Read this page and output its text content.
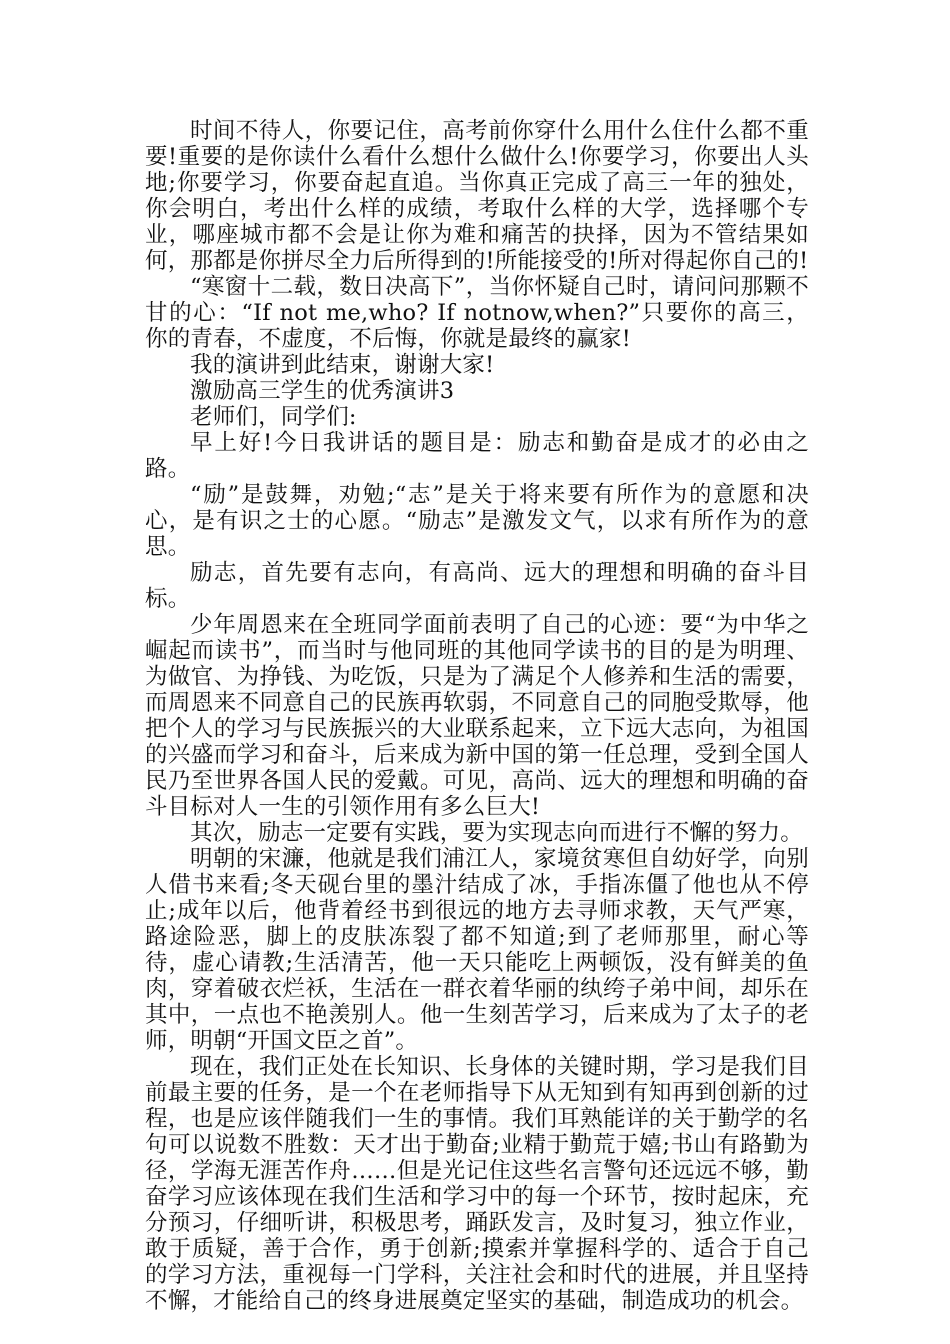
时间不待人，你要记住，高考前你穿什么用什么住什么都不重要!重要的是你读什么看什么想什么做什么!你要学习，你要出人头地;你要学习，你要奋起直追。当你真正完成了高三一年的独处，你会明白，考出什么样的成绩，考取什么样的大学，选择哪个专业，哪座城市都不会是让你为难和痛苦的抉择，因为不管结果如何，那都是你拼尽全力后所得到的!所能接受的!所对得起你自己的!

“寒窗十二载，数日决高下”，当你怀疑自己时，请问问那颗不甘的心：“If not me,who? If notnow,when?”只要你的高三，你的青春，不虚度，不后悔，你就是最终的赢家!

我的演讲到此结束，谢谢大家!

激励高三学生的优秀演讲3

老师们，同学们:

早上好!今日我讲话的题目是：励志和勤奋是成才的必由之路。

“励”是鼓舞，劝勉;“志”是关于将来要有所作为的意愿和决心，是有识之士的心愿。“励志”是激发文气，以求有所作为的意思。

励志，首先要有志向，有高尚、远大的理想和明确的奋斗目标。

少年周恩来在全班同学面前表明了自己的心迹：要“为中华之崛起而读书”，而当时与他同班的其他同学读书的目的是为明理、为做官、为挣钱、为吃饭，只是为了满足个人修养和生活的需要，而周恩来不同意自己的民族再软弱，不同意自己的同胞受欺辱，他把个人的学习与民族振兴的大业联系起来，立下远大志向，为祖国的兴盛而学习和奋斗，后来成为新中国的第一任总理，受到全国人民乃至世界各国人民的爱戴。可见，高尚、远大的理想和明确的奋斗目标对人一生的引领作用有多么巨大!

其次，励志一定要有实践，要为实现志向而进行不懈的努力。

明朝的宋濂，他就是我们浦江人，家境贫寒但自幼好学，向别人借书来看;冬天砚台里的墨汁结成了冰，手指冻僵了他也从不停止;成年以后，他背着经书到很远的地方去寻师求教，天气严寒，路途险恶，脚上的皮肤冻裂了都不知道;到了老师那里，耐心等待，虚心请教;生活清苦，他一天只能吃上两顿饭，没有鲜美的鱼肉，穿着破衣烂袄，生活在一群衣着华丽的纨绔子弟中间，却乐在其中，一点也不艳羡别人。他一生刻苦学习，后来成为了太子的老师，明朝“开国文臣之首”。

现在，我们正处在长知识、长身体的关键时期，学习是我们目前最主要的任务，是一个在老师指导下从无知到有知再到创新的过程，也是应该伴随我们一生的事情。我们耳熟能详的关于勤学的名句可以说数不胜数：天才出于勤奋;业精于勤荒于嬉;书山有路勤为径，学海无涯苦作舟……但是光记住这些名言警句还远远不够，勤奋学习应该体现在我们生活和学习中的每一个环节，按时起床，充分预习，仔细听讲，积极思考，踊跃发言，及时复习，独立作业，敢于质疑，善于合作，勇于创新;摸索并掌握科学的、适合于自己的学习方法，重视每一门学科，关注社会和时代的进展，并且坚持不懈，才能给自己的终身进展奠定坚实的基础，制造成功的机会。
